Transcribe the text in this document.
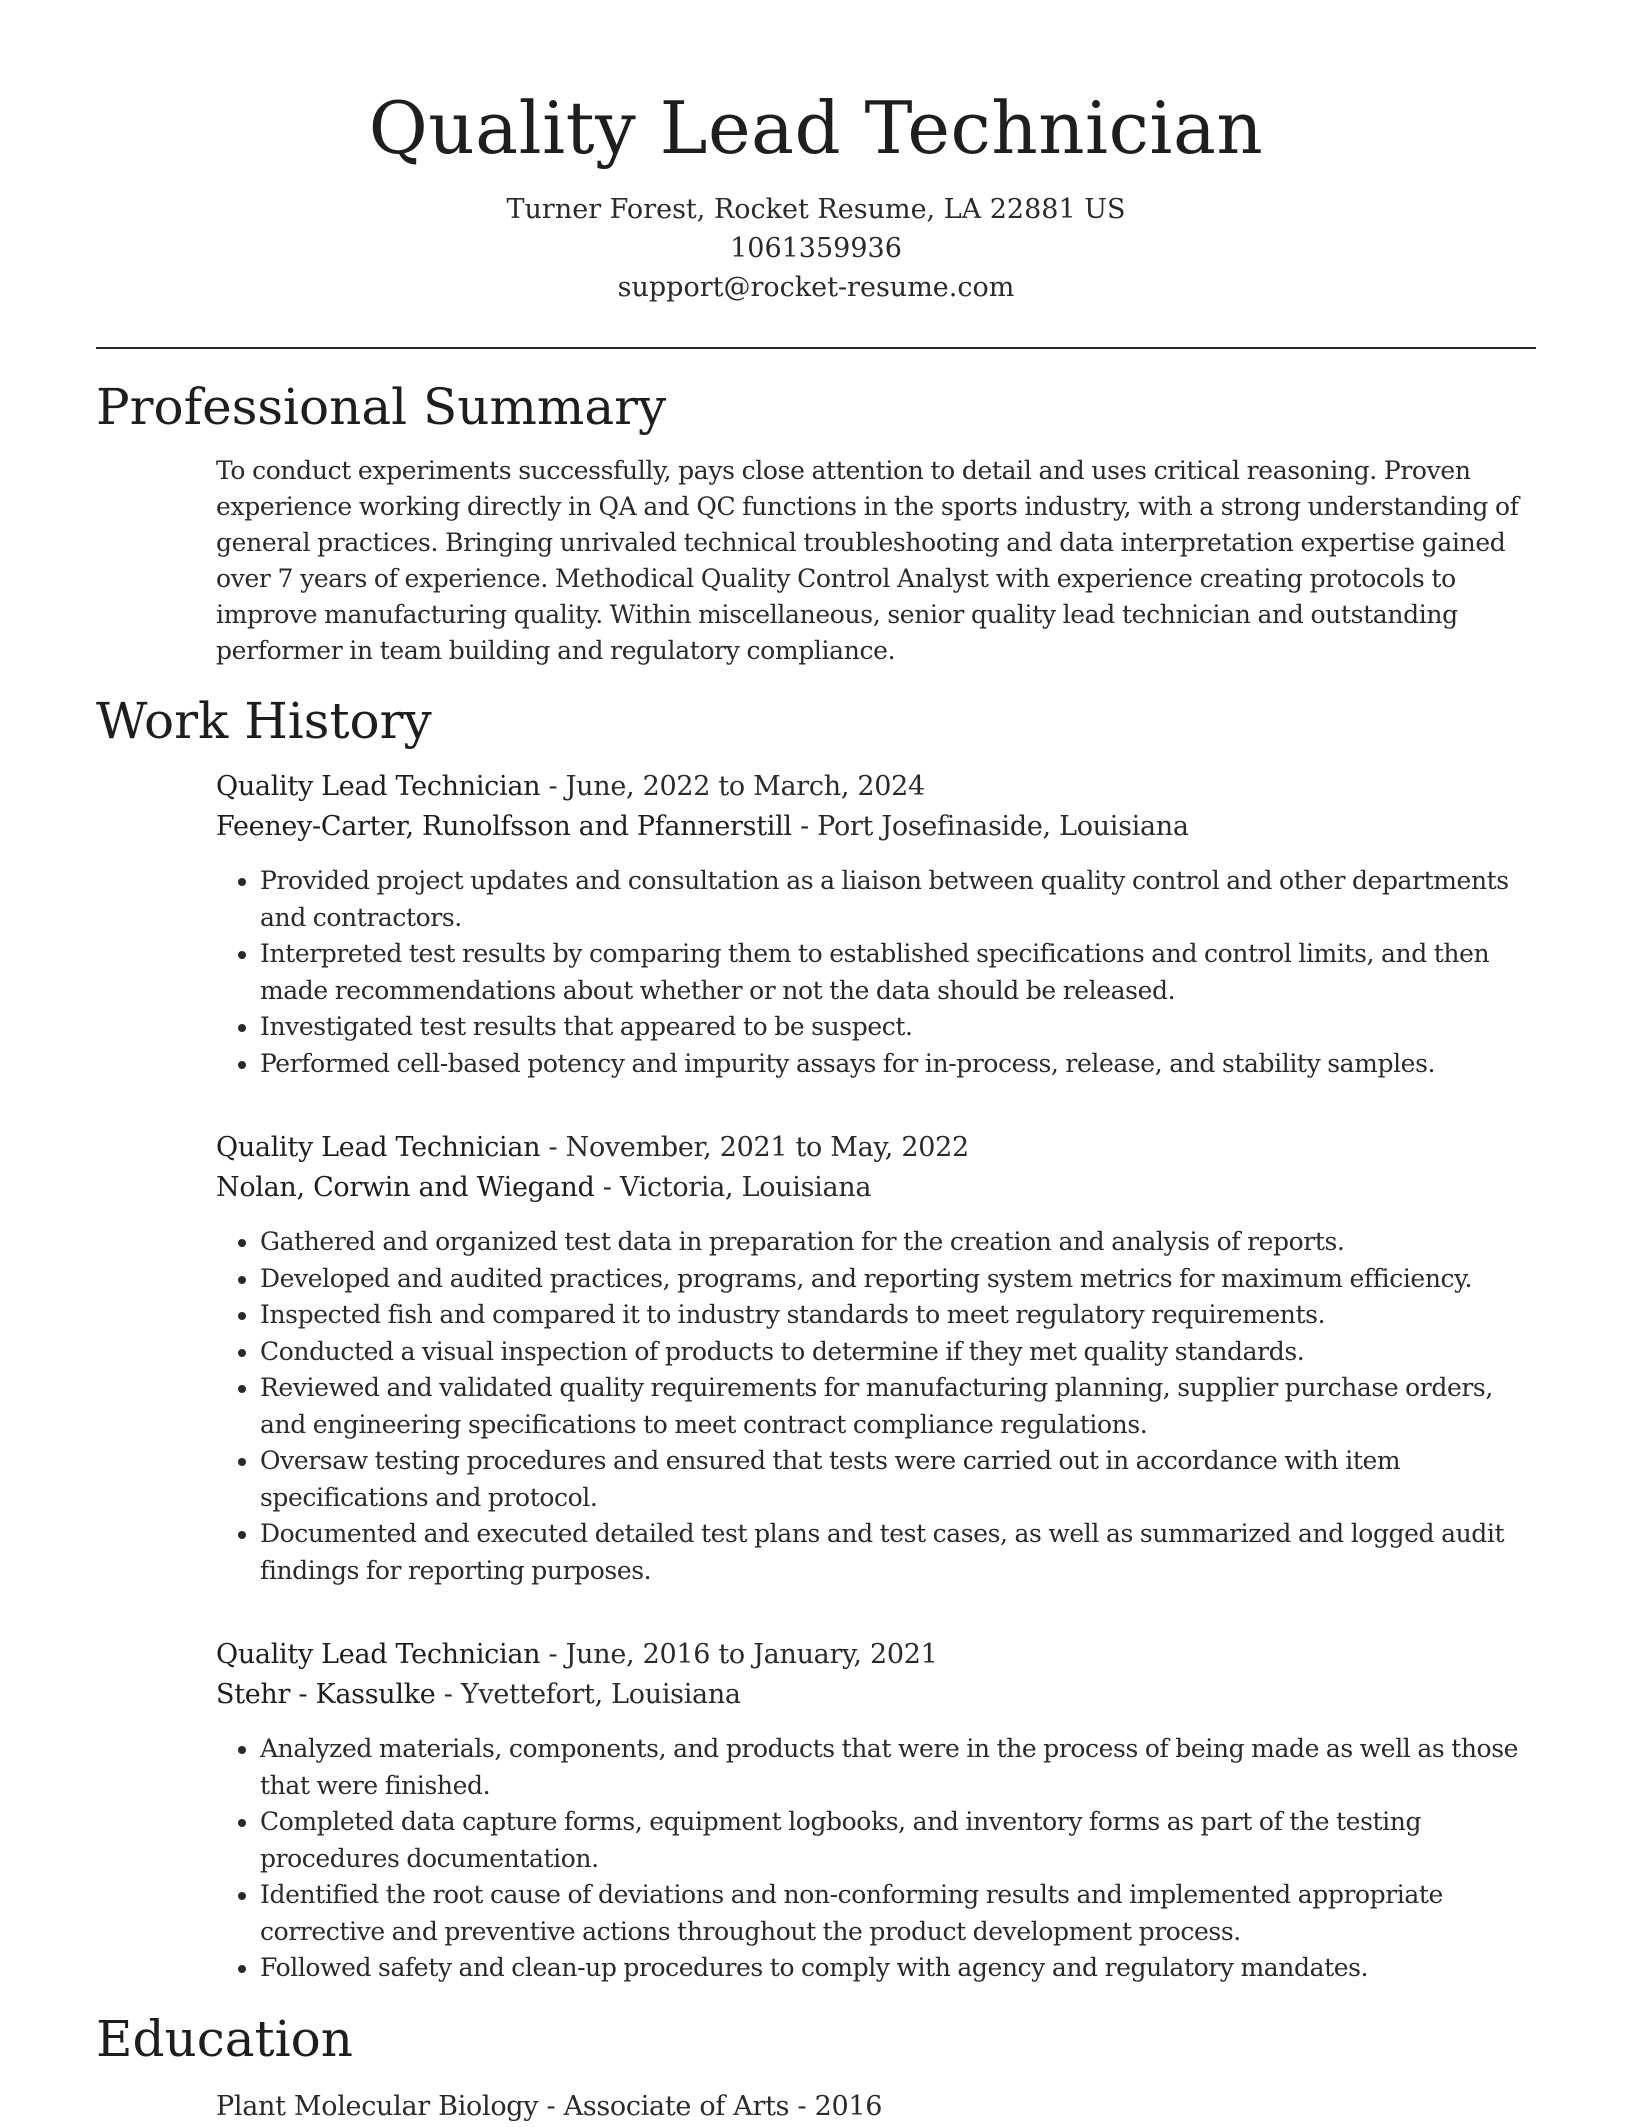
Quality Lead Technician
Turner Forest, Rocket Resume, LA 22881 US
1061359936
support@rocket-resume.com
Professional Summary
To conduct experiments successfully, pays close attention to detail and uses critical reasoning. Proven experience working directly in QA and QC functions in the sports industry, with a strong understanding of general practices. Bringing unrivaled technical troubleshooting and data interpretation expertise gained over 7 years of experience. Methodical Quality Control Analyst with experience creating protocols to improve manufacturing quality. Within miscellaneous, senior quality lead technician and outstanding performer in team building and regulatory compliance.
Work History
Quality Lead Technician - June, 2022 to March, 2024
Feeney-Carter, Runolfsson and Pfannerstill - Port Josefinaside, Louisiana
• Provided project updates and consultation as a liaison between quality control and other departments and contractors.
• Interpreted test results by comparing them to established specifications and control limits, and then made recommendations about whether or not the data should be released.
• Investigated test results that appeared to be suspect.
• Performed cell-based potency and impurity assays for in-process, release, and stability samples.
Quality Lead Technician - November, 2021 to May, 2022
Nolan, Corwin and Wiegand - Victoria, Louisiana
• Gathered and organized test data in preparation for the creation and analysis of reports.
• Developed and audited practices, programs, and reporting system metrics for maximum efficiency.
• Inspected fish and compared it to industry standards to meet regulatory requirements.
• Conducted a visual inspection of products to determine if they met quality standards.
• Reviewed and validated quality requirements for manufacturing planning, supplier purchase orders, and engineering specifications to meet contract compliance regulations.
• Oversaw testing procedures and ensured that tests were carried out in accordance with item specifications and protocol.
• Documented and executed detailed test plans and test cases, as well as summarized and logged audit findings for reporting purposes.
Quality Lead Technician - June, 2016 to January, 2021
Stehr - Kassulke - Yvettefort, Louisiana
• Analyzed materials, components, and products that were in the process of being made as well as those that were finished.
• Completed data capture forms, equipment logbooks, and inventory forms as part of the testing procedures documentation.
• Identified the root cause of deviations and non-conforming results and implemented appropriate corrective and preventive actions throughout the product development process.
• Followed safety and clean-up procedures to comply with agency and regulatory mandates.
Education
Plant Molecular Biology - Associate of Arts - 2016
